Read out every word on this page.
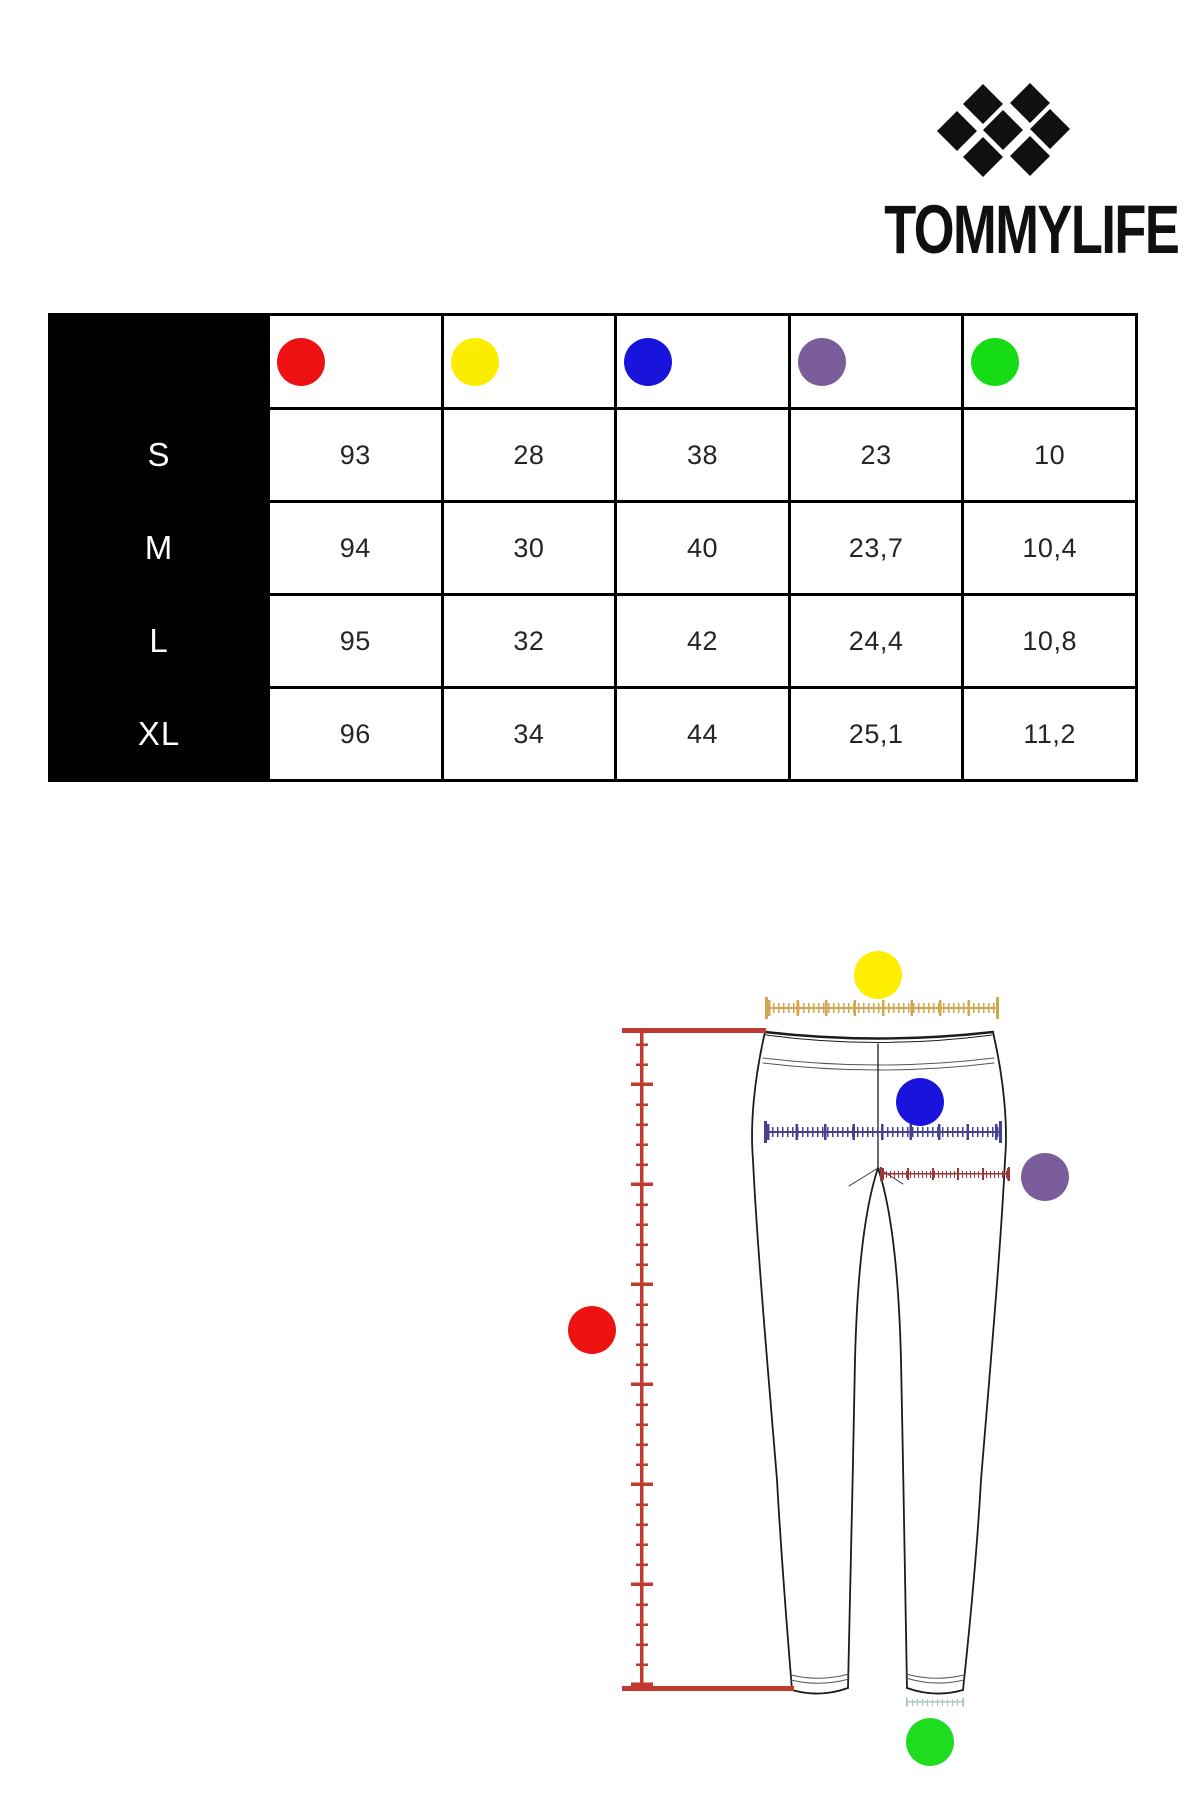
TOMMYLIFE

S	93	28	38	23	10
M	94	30	40	23,7	10,4
L	95	32	42	24,4	10,8
XL	96	34	44	25,1	11,2
